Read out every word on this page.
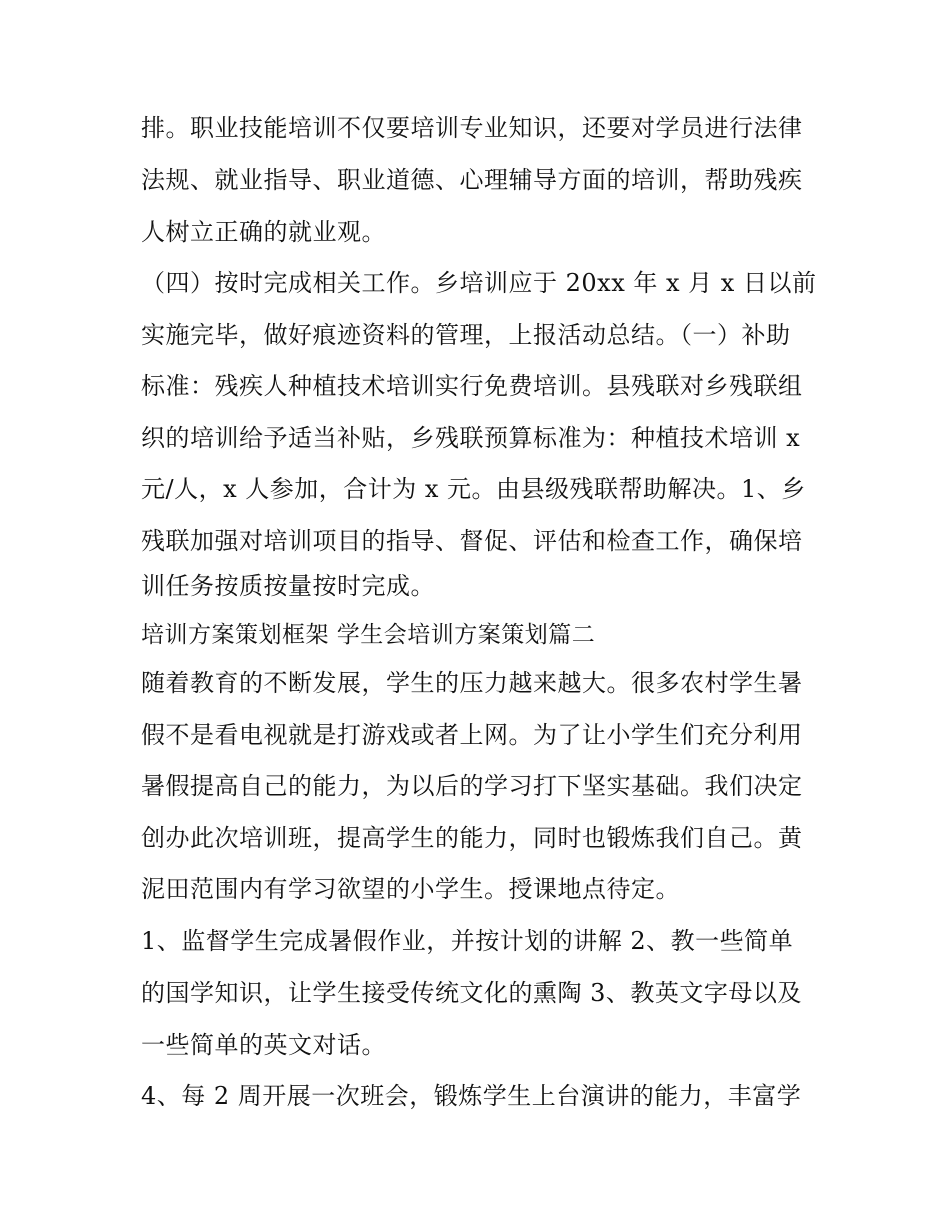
排。职业技能培训不仅要培训专业知识，还要对学员进行法律
法规、就业指导、职业道德、心理辅导方面的培训，帮助残疾
人树立正确的就业观。
（四）按时完成相关工作。乡培训应于 20xx 年 x 月 x 日以前
实施完毕，做好痕迹资料的管理，上报活动总结。（一）补助
标准：残疾人种植技术培训实行免费培训。县残联对乡残联组
织的培训给予适当补贴，乡残联预算标准为：种植技术培训 x
元/人，x 人参加，合计为 x 元。由县级残联帮助解决。1、乡
残联加强对培训项目的指导、督促、评估和检查工作，确保培
训任务按质按量按时完成。
培训方案策划框架 学生会培训方案策划篇二
随着教育的不断发展，学生的压力越来越大。很多农村学生暑
假不是看电视就是打游戏或者上网。为了让小学生们充分利用
暑假提高自己的能力，为以后的学习打下坚实基础。我们决定
创办此次培训班，提高学生的能力，同时也锻炼我们自己。黄
泥田范围内有学习欲望的小学生。授课地点待定。
1、监督学生完成暑假作业，并按计划的讲解 2、教一些简单
的国学知识，让学生接受传统文化的熏陶 3、教英文字母以及
一些简单的英文对话。
4、每 2 周开展一次班会，锻炼学生上台演讲的能力，丰富学
